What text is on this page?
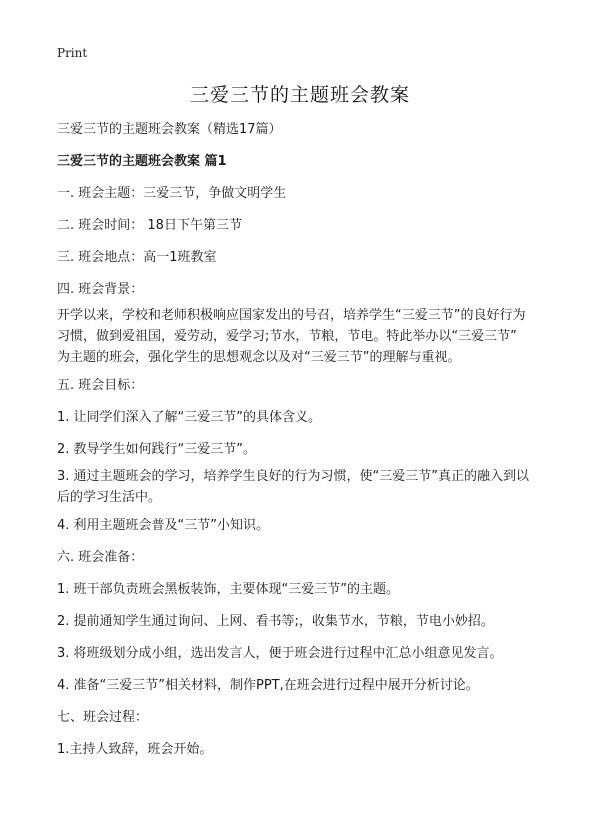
Print
三爱三节的主题班会教案
三爱三节的主题班会教案（精选17篇）
三爱三节的主题班会教案 篇1
一. 班会主题：三爱三节，争做文明学生
二. 班会时间： 18日下午第三节
三. 班会地点：高一1班教室
四. 班会背景：
开学以来，学校和老师积极响应国家发出的号召，培养学生“三爱三节”的良好行为
习惯，做到爱祖国，爱劳动，爱学习;节水，节粮，节电。特此举办以“三爱三节”
为主题的班会，强化学生的思想观念以及对“三爱三节”的理解与重视。
五. 班会目标：
1. 让同学们深入了解“三爱三节”的具体含义。
2. 教导学生如何践行“三爱三节”。
3. 通过主题班会的学习，培养学生良好的行为习惯，使“三爱三节”真正的融入到以
后的学习生活中。
4. 利用主题班会普及“三节”小知识。
六. 班会准备：
1. 班干部负责班会黑板装饰，主要体现“三爱三节”的主题。
2. 提前通知学生通过询问、上网、看书等;，收集节水，节粮，节电小妙招。
3. 将班级划分成小组，选出发言人，便于班会进行过程中汇总小组意见发言。
4. 准备“三爱三节”相关材料，制作PPT,在班会进行过程中展开分析讨论。
七、班会过程：
1.主持人致辞，班会开始。
